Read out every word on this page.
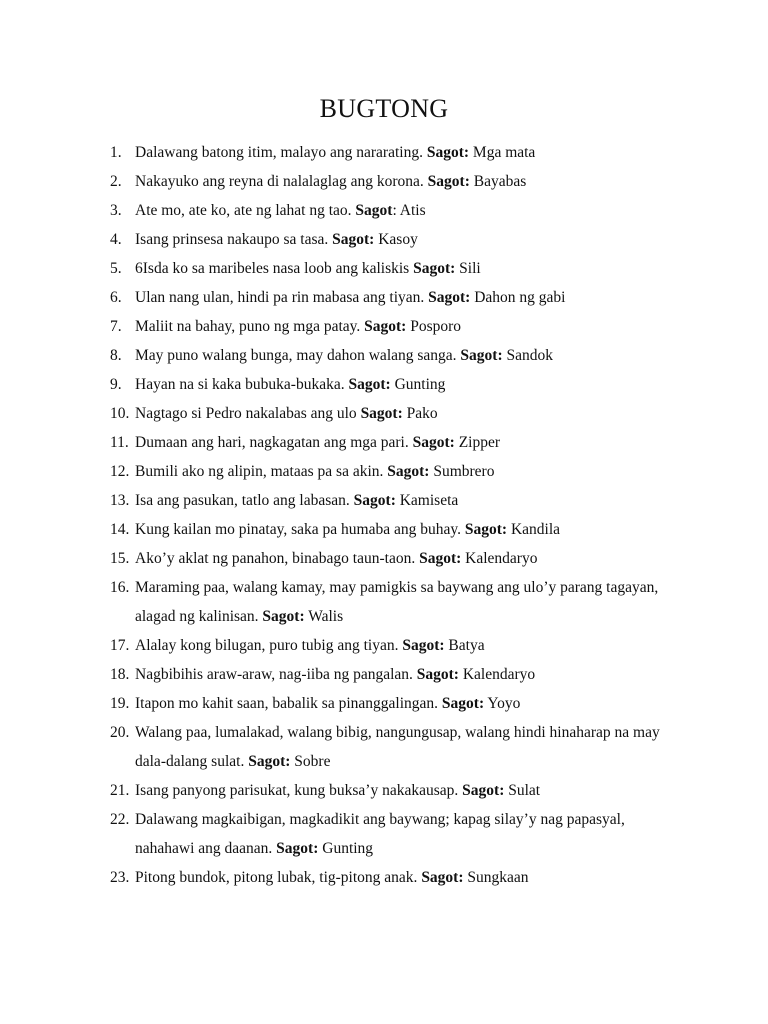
BUGTONG
1. Dalawang batong itim, malayo ang nararating. Sagot: Mga mata
2. Nakayuko ang reyna di nalalaglag ang korona. Sagot: Bayabas
3. Ate mo, ate ko, ate ng lahat ng tao. Sagot: Atis
4. Isang prinsesa nakaupo sa tasa. Sagot: Kasoy
5. 6Isda ko sa maribeles nasa loob ang kaliskis Sagot: Sili
6. Ulan nang ulan, hindi pa rin mabasa ang tiyan. Sagot: Dahon ng gabi
7. Maliit na bahay, puno ng mga patay. Sagot: Posporo
8. May puno walang bunga, may dahon walang sanga. Sagot: Sandok
9. Hayan na si kaka bubuka-bukaka. Sagot: Gunting
10. Nagtago si Pedro nakalabas ang ulo Sagot: Pako
11. Dumaan ang hari, nagkagatan ang mga pari. Sagot: Zipper
12. Bumili ako ng alipin, mataas pa sa akin. Sagot: Sumbrero
13. Isa ang pasukan, tatlo ang labasan. Sagot: Kamiseta
14. Kung kailan mo pinatay, saka pa humaba ang buhay. Sagot: Kandila
15. Ako’y aklat ng panahon, binabago taun-taon. Sagot: Kalendaryo
16. Maraming paa, walang kamay, may pamigkis sa baywang ang ulo’y parang tagayan, alagad ng kalinisan. Sagot: Walis
17. Alalay kong bilugan, puro tubig ang tiyan. Sagot: Batya
18. Nagbibihis araw-araw, nag-iiba ng pangalan. Sagot: Kalendaryo
19. Itapon mo kahit saan, babalik sa pinanggalingan. Sagot: Yoyo
20. Walang paa, lumalakad, walang bibig, nangungusap, walang hindi hinaharap na may dala-dalang sulat. Sagot: Sobre
21. Isang panyong parisukat, kung buksa’y nakakausap. Sagot: Sulat
22. Dalawang magkaibigan, magkadikit ang baywang; kapag silay’y nag papasyal, nahahawi ang daanan. Sagot: Gunting
23. Pitong bundok, pitong lubak, tig-pitong anak. Sagot: Sungkaan
